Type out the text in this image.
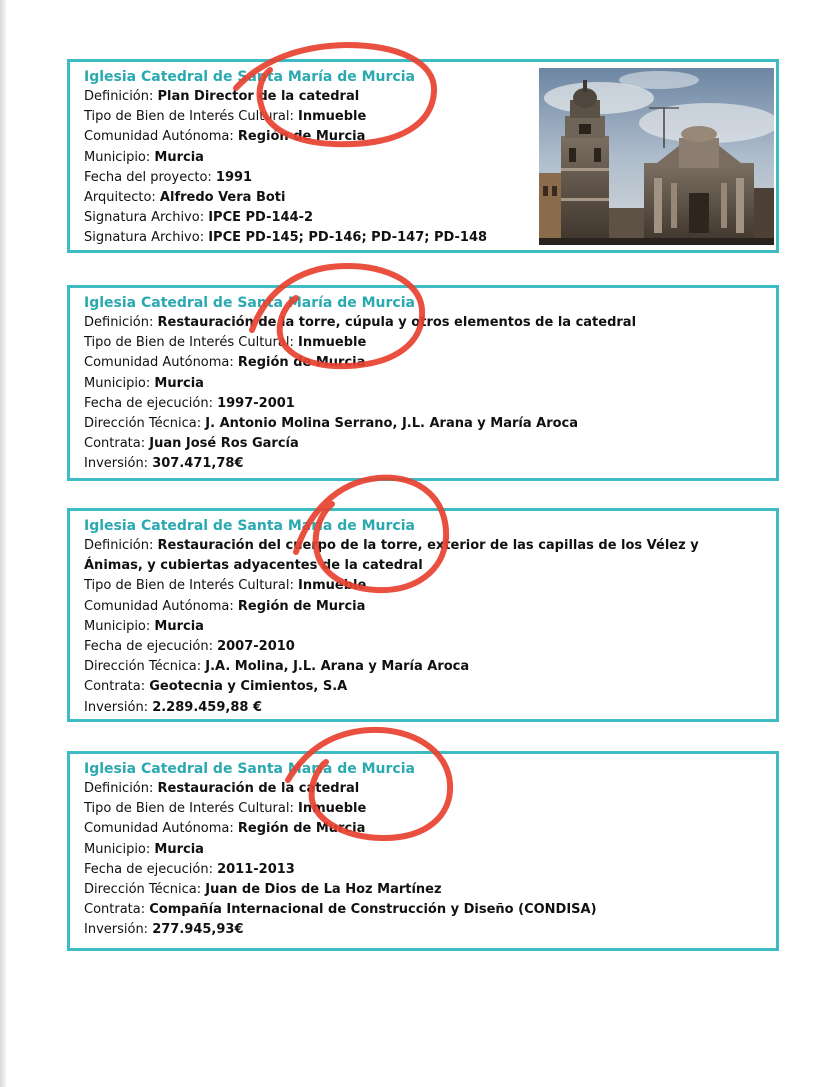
Iglesia Catedral de Santa María de Murcia
Definición: Plan Director de la catedral
Tipo de Bien de Interés Cultural: Inmueble
Comunidad Autónoma: Región de Murcia
Municipio: Murcia
Fecha del proyecto: 1991
Arquitecto: Alfredo Vera Boti
Signatura Archivo: IPCE PD-144-2
Signatura Archivo: IPCE PD-145; PD-146; PD-147; PD-148
Iglesia Catedral de Santa María de Murcia
Definición: Restauración de la torre, cúpula y otros elementos de la catedral
Tipo de Bien de Interés Cultural: Inmueble
Comunidad Autónoma: Región de Murcia
Municipio: Murcia
Fecha de ejecución: 1997-2001
Dirección Técnica: J. Antonio Molina Serrano, J.L. Arana y María Aroca
Contrata: Juan José Ros García
Inversión: 307.471,78€
Iglesia Catedral de Santa María de Murcia
Definición: Restauración del cuerpo de la torre, exterior de las capillas de los Vélez y Ánimas, y cubiertas adyacentes de la catedral
Tipo de Bien de Interés Cultural: Inmueble
Comunidad Autónoma: Región de Murcia
Municipio: Murcia
Fecha de ejecución: 2007-2010
Dirección Técnica: J.A. Molina, J.L. Arana y María Aroca
Contrata: Geotecnia y Cimientos, S.A
Inversión: 2.289.459,88 €
Iglesia Catedral de Santa María de Murcia
Definición: Restauración de la catedral
Tipo de Bien de Interés Cultural: Inmueble
Comunidad Autónoma: Región de Murcia
Municipio: Murcia
Fecha de ejecución: 2011-2013
Dirección Técnica: Juan de Dios de La Hoz Martínez
Contrata: Compañía Internacional de Construcción y Diseño (CONDISA)
Inversión: 277.945,93€
